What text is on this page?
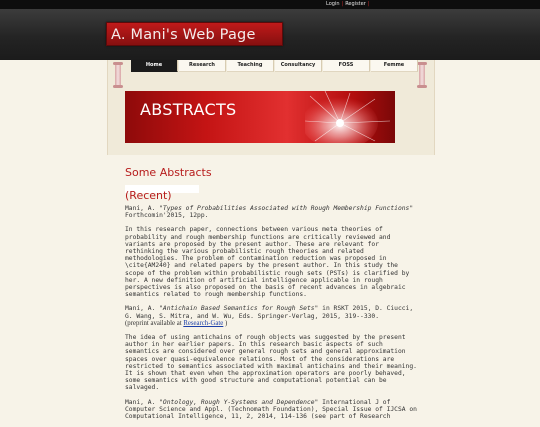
Login | Register |
A. Mani's Web Page
Home	Research	Teaching	Consultancy	FOSS	Femme
ABSTRACTS
Some Abstracts
(Recent)

Mani, A. "Types of Probabilities Associated with Rough Membership Functions"
Forthcomin'2015, 12pp.

In this research paper, connections between various meta theories of probability and rough membership functions are critically reviewed and variants are proposed by the present author. These are relevant for rethinking the various probabilistic rough theories and related methodologies. The problem of contamination reduction was proposed in \cite{AM240} and related papers by the present author. In this study the scope of the problem within probabilistic rough sets (PSTs) is clarified by her. A new definition of artificial intelligence applicable in rough perspectives is also proposed on the basis of recent advances in algebraic semantics related to rough membership functions.

Mani, A. "Antichain Based Semantics for Rough Sets" in RSKT 2015, D. Ciucci, G. Wang, S. Mitra, and W. Wu, Eds. Springer-Verlag, 2015, 319--330.
(preprint available at Research-Gate )

The idea of using antichains of rough objects was suggested by the present author in her earlier papers. In this research basic aspects of such semantics are considered over general rough sets and general approximation spaces over quasi-equivalence relations. Most of the considerations are restricted to semantics associated with maximal antichains and their meaning. It is shown that even when the approximation operators are poorly behaved, some semantics with good structure and computational potential can be salvaged.

Mani, A. "Ontology, Rough Y-Systems and Dependence" International J of Computer Science and Appl. (Technomath Foundation), Special Issue of IJCSA on Computational Intelligence, 11, 2, 2014, 114-136 (see part of Research
